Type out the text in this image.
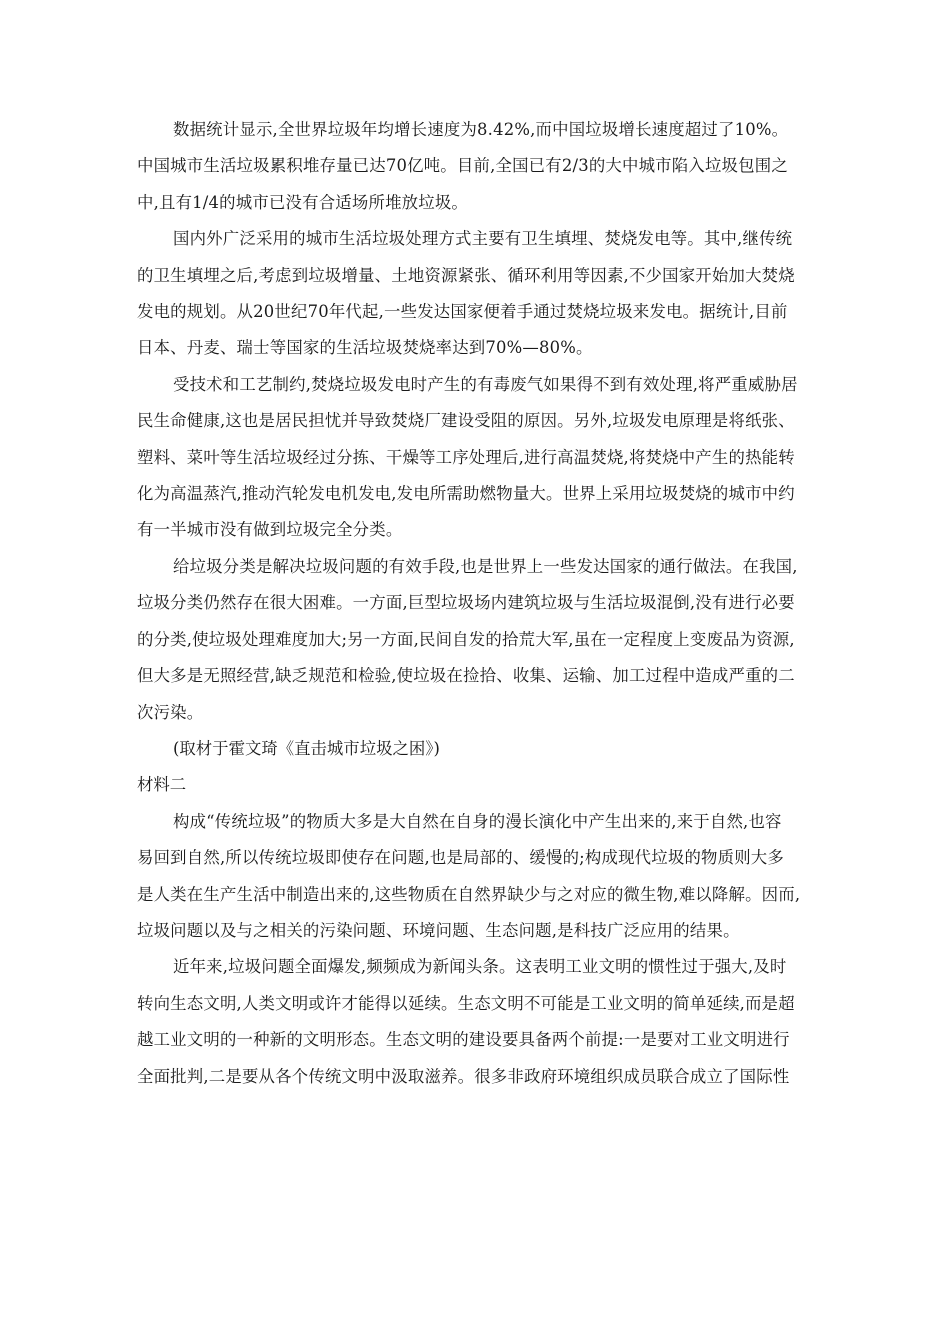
数据统计显示,全世界垃圾年均增长速度为8.42%,而中国垃圾增长速度超过了10%。
中国城市生活垃圾累积堆存量已达70亿吨。目前,全国已有2/3的大中城市陷入垃圾包围之
中,且有1/4的城市已没有合适场所堆放垃圾。
国内外广泛采用的城市生活垃圾处理方式主要有卫生填埋、焚烧发电等。其中,继传统
的卫生填埋之后,考虑到垃圾增量、土地资源紧张、循环利用等因素,不少国家开始加大焚烧
发电的规划。从20世纪70年代起,一些发达国家便着手通过焚烧垃圾来发电。据统计,目前
日本、丹麦、瑞士等国家的生活垃圾焚烧率达到70%—80%。
受技术和工艺制约,焚烧垃圾发电时产生的有毒废气如果得不到有效处理,将严重威胁居
民生命健康,这也是居民担忧并导致焚烧厂建设受阻的原因。另外,垃圾发电原理是将纸张、
塑料、菜叶等生活垃圾经过分拣、干燥等工序处理后,进行高温焚烧,将焚烧中产生的热能转
化为高温蒸汽,推动汽轮发电机发电,发电所需助燃物量大。世界上采用垃圾焚烧的城市中约
有一半城市没有做到垃圾完全分类。
给垃圾分类是解决垃圾问题的有效手段,也是世界上一些发达国家的通行做法。在我国,
垃圾分类仍然存在很大困难。一方面,巨型垃圾场内建筑垃圾与生活垃圾混倒,没有进行必要
的分类,使垃圾处理难度加大;另一方面,民间自发的拾荒大军,虽在一定程度上变废品为资源,
但大多是无照经营,缺乏规范和检验,使垃圾在捡拾、收集、运输、加工过程中造成严重的二
次污染。

(取材于霍文琦《直击城市垃圾之困》)

材料二

构成“传统垃圾”的物质大多是大自然在自身的漫长演化中产生出来的,来于自然,也容
易回到自然,所以传统垃圾即使存在问题,也是局部的、缓慢的;构成现代垃圾的物质则大多
是人类在生产生活中制造出来的,这些物质在自然界缺少与之对应的微生物,难以降解。因而,
垃圾问题以及与之相关的污染问题、环境问题、生态问题,是科技广泛应用的结果。
近年来,垃圾问题全面爆发,频频成为新闻头条。这表明工业文明的惯性过于强大,及时
转向生态文明,人类文明或许才能得以延续。生态文明不可能是工业文明的简单延续,而是超
越工业文明的一种新的文明形态。生态文明的建设要具备两个前提:一是要对工业文明进行
全面批判,二是要从各个传统文明中汲取滋养。很多非政府环境组织成员联合成立了国际性
